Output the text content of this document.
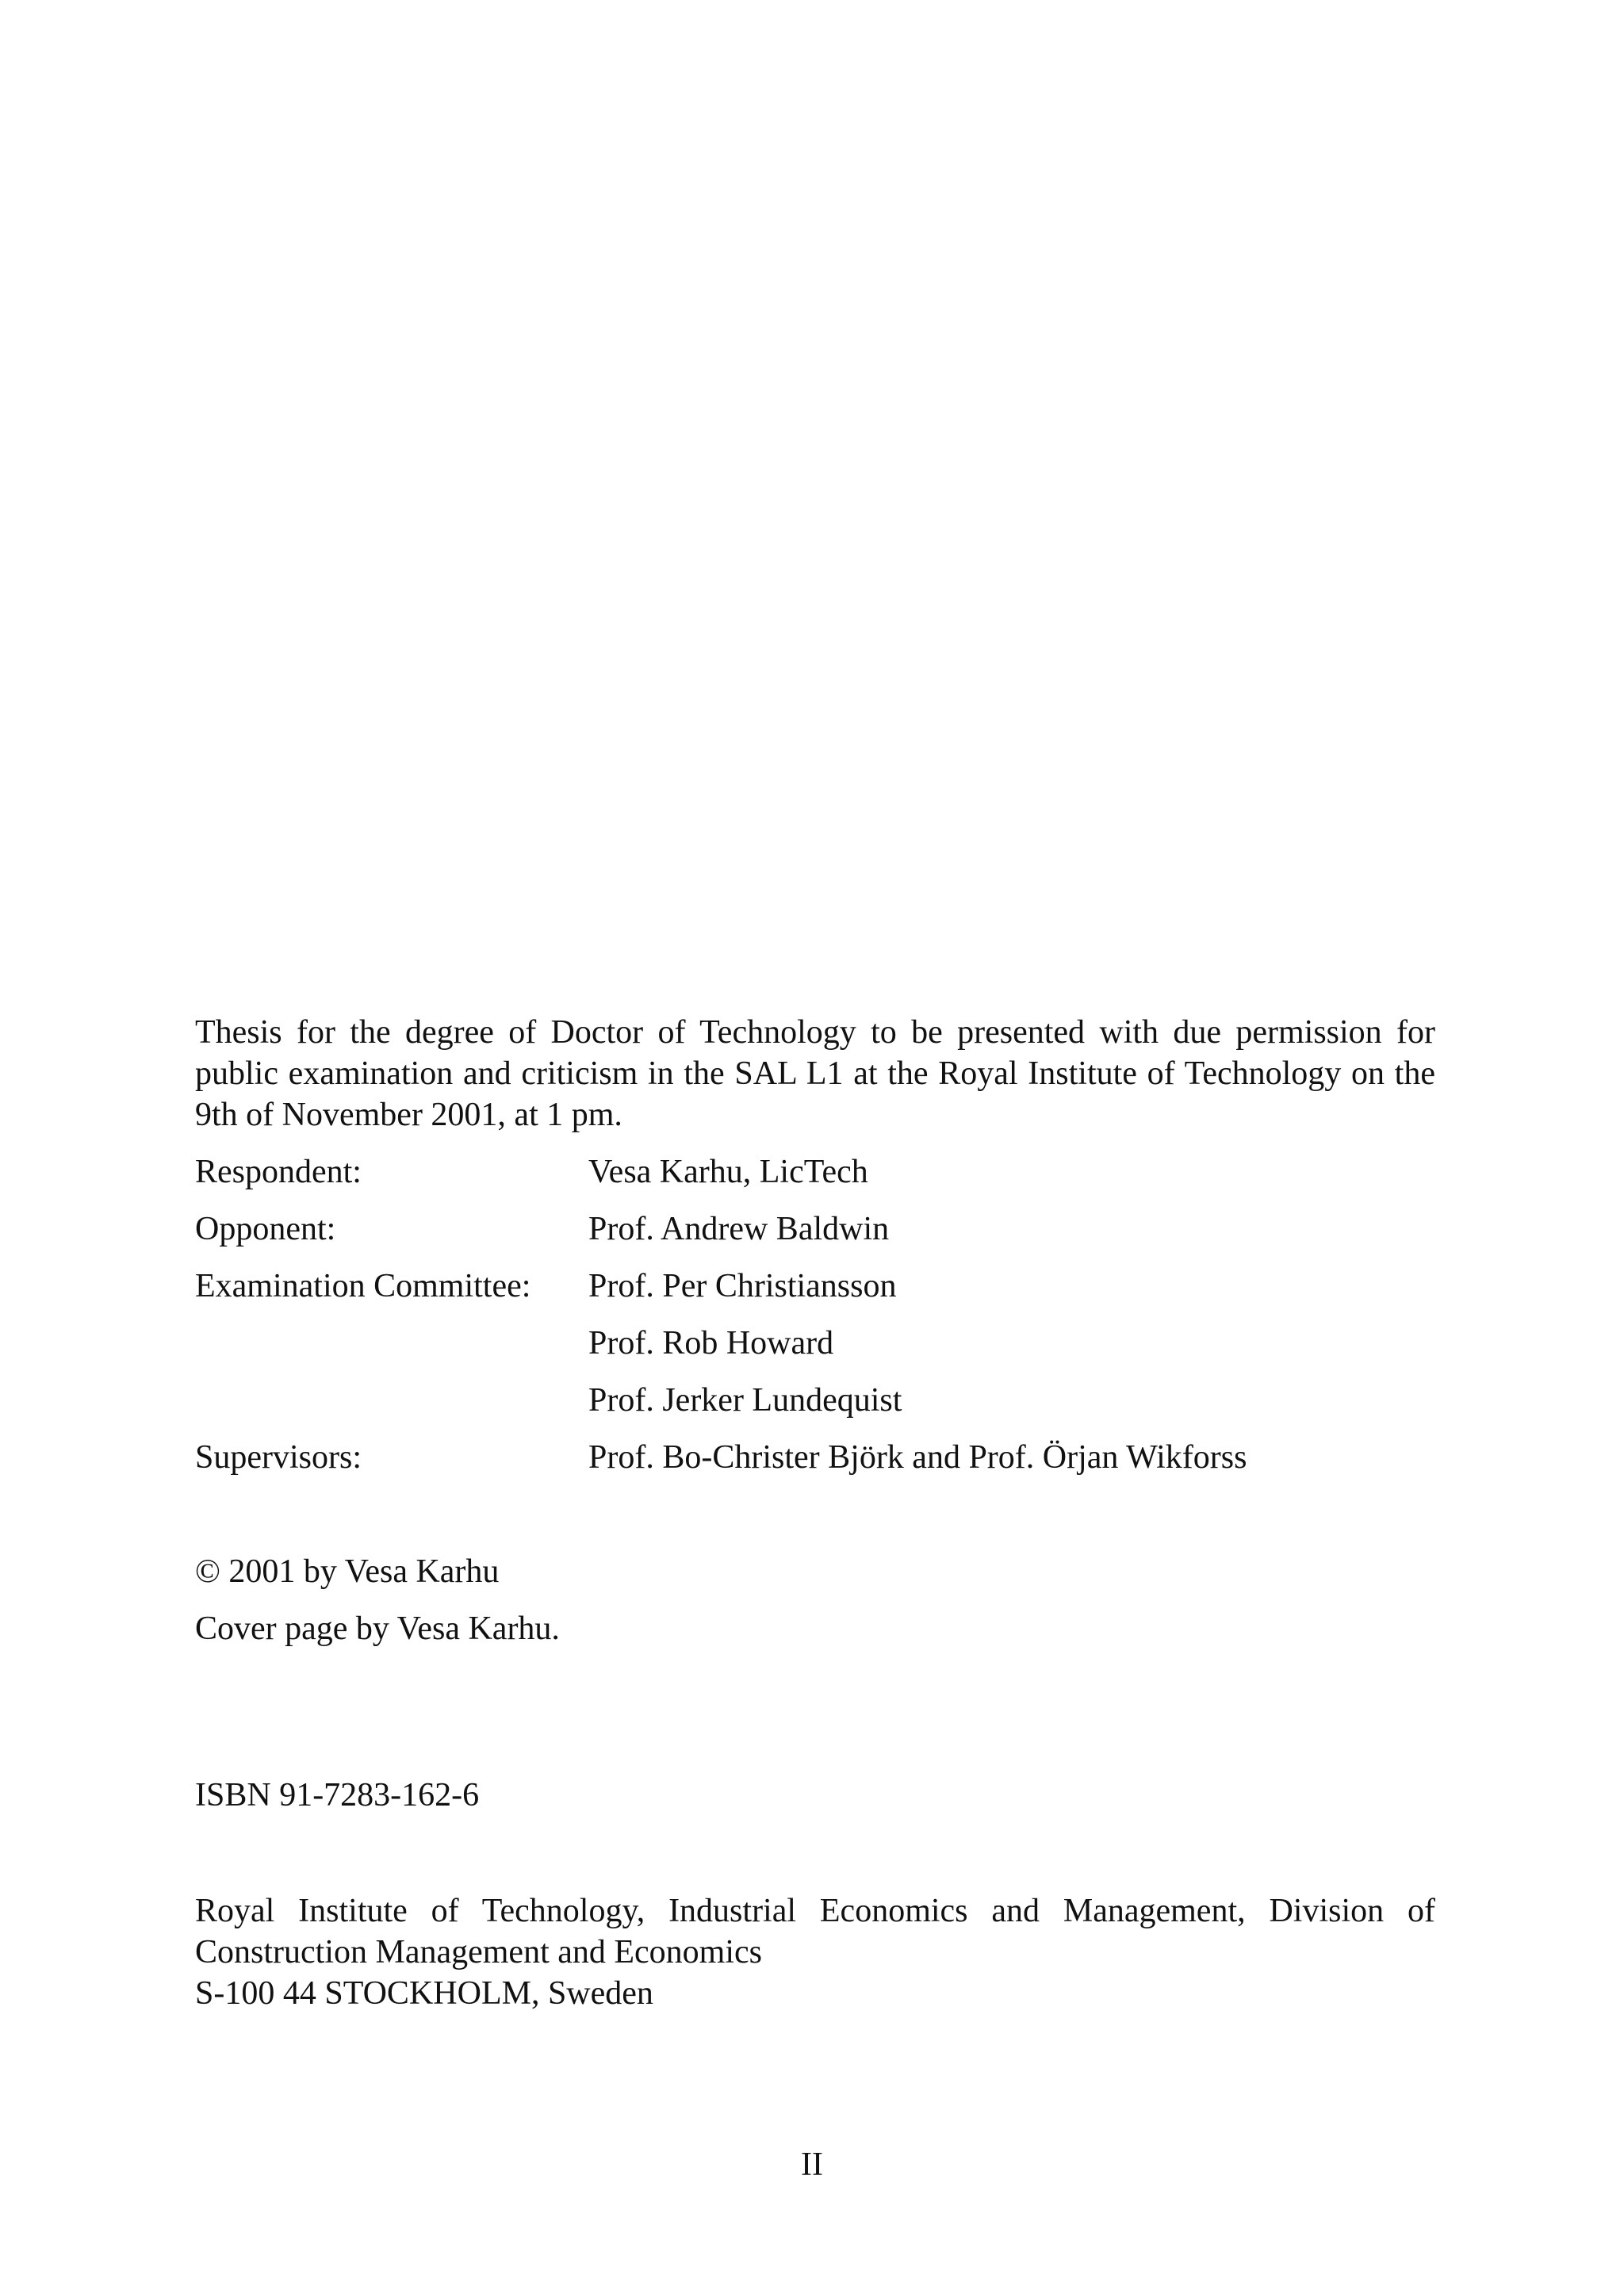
Thesis for the degree of Doctor of Technology to be presented with due permission for public examination and criticism in the SAL L1 at the Royal Institute of Technology on the 9th of November 2001, at 1 pm.

Respondent:	Vesa Karhu, LicTech
Opponent:	Prof. Andrew Baldwin
Examination Committee:	Prof. Per Christiansson
Prof. Rob Howard
Prof. Jerker Lundequist
Supervisors:	Prof. Bo-Christer Björk and Prof. Örjan Wikforss

© 2001 by Vesa Karhu

Cover page by Vesa Karhu.

ISBN 91-7283-162-6

Royal Institute of Technology, Industrial Economics and Management, Division of
Construction Management and Economics
S-100 44 STOCKHOLM, Sweden

II
